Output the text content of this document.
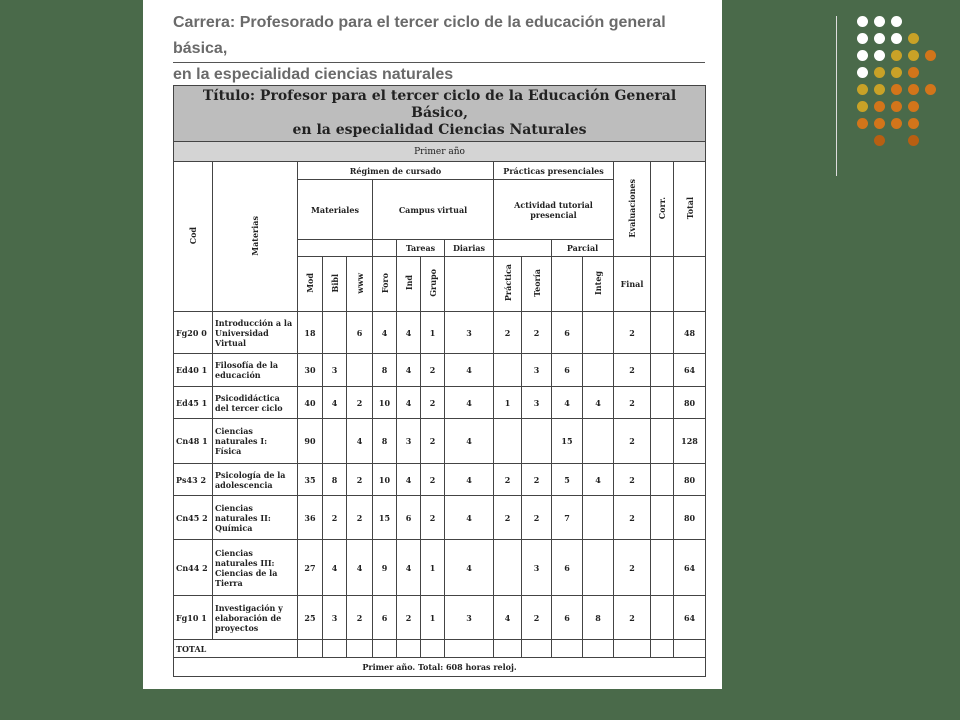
Carrera: Profesorado para el tercer ciclo de la educación general básica,
en la especialidad ciencias naturales
Título: Profesor para el tercer ciclo de la Educación General Básico,
en la especialidad Ciencias Naturales															

Primer año															
Cod	Materias	Régimen de cursado							Prácticas presenciales				Evaluaciones	Corr.	Total
		Materiales			Campus virtual				Actividad tutorial presencial						
						Tareas		Diarias			Parcial				
		Mod	Bibl	www	Foro	Ind	Grupo		Práctica	Teoría		Integ	Final		

Fg20 0	Introducción a la Universidad Virtual	18		6	4	4	1	3	2	2	6		2		48
Ed40 1	Filosofía de la educación	30	3		8	4	2	4		3	6		2		64
Ed45 1	Psicodidáctica del tercer ciclo	40	4	2	10	4	2	4	1	3	4	4	2		80
Cn48 1	Ciencias naturales I: Física	90		4	8	3	2	4			15		2		128
Ps43 2	Psicología de la adolescencia	35	8	2	10	4	2	4	2	2	5	4	2		80
Cn45 2	Ciencias naturales II: Química	36	2	2	15	6	2	4	2	2	7		2		80
Cn44 2	Ciencias naturales III: Ciencias de la Tierra	27	4	4	9	4	1	4		3	6		2		64
Fg10 1	Investigación y elaboración de proyectos	25	3	2	6	2	1	3	4	2	6	8	2		64
TOTAL															
Primer año. Total: 608 horas reloj.															
